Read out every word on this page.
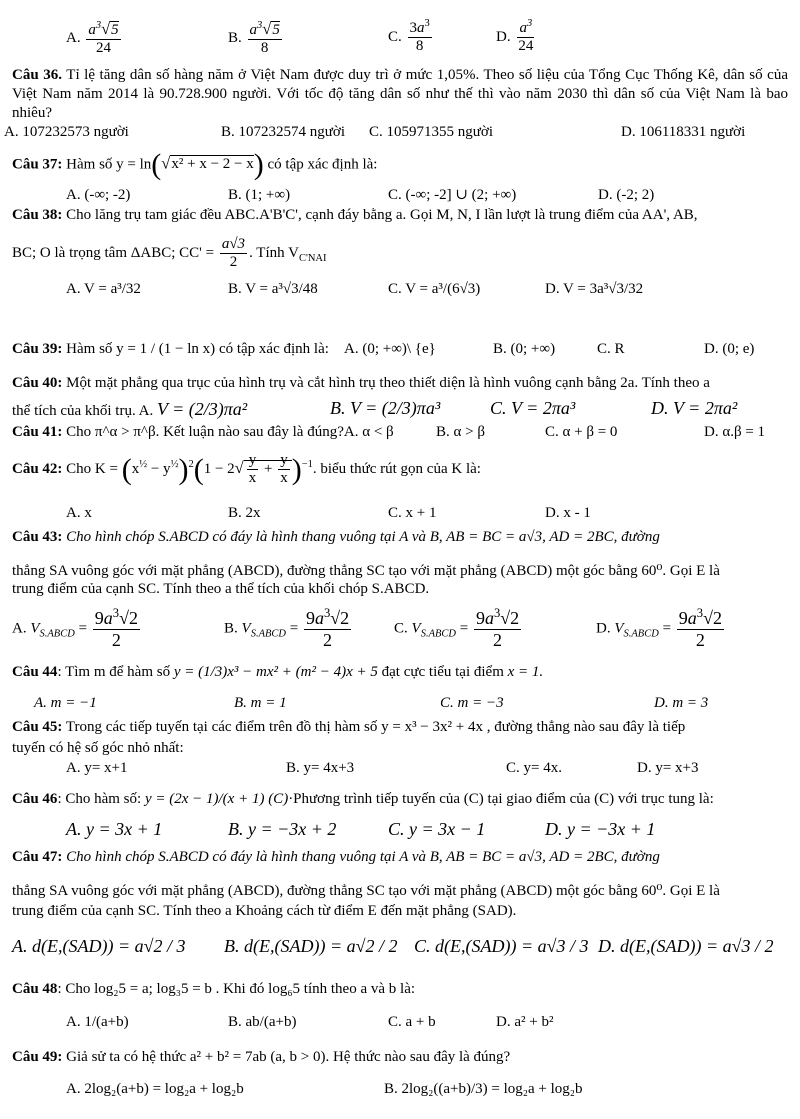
A. $\frac{a^3√5}{24}$	B. $\frac{a^3√5}{8}$	C. $\frac{3a^3}{8}$	D. $\frac{a^3}{24}$
Câu 36. Tỉ lệ tăng dân số hàng năm ở Việt Nam được duy trì ở mức 1,05%. Theo số liệu của Tổng Cục Thống Kê, dân số của Việt Nam năm 2014 là 90.728.900 người. Với tốc độ tăng dân số như thế thì vào năm 2030 thì dân số của Việt Nam là bao nhiêu?
A. 107232573 người	B. 107232574 người C. 105971355 người	D. 106118331 người
Câu 37: Hàm số y = ln(√x² + x − 2 − x) có tập xác định là:
A. (-∞; -2)	B. (1; +∞)	C. (-∞; -2] ∪ (2; +∞)	D. (-2; 2)
Câu 38: Cho lăng trụ tam giác đều ABC.A'B'C', cạnh đáy bằng a. Gọi M, N, I lần lượt là trung điểm của AA', AB,
BC; O là trọng tâm ΔABC; $CC' = \frac{a√3}{2}$ . Tính $V_{C'NAI}$
A. V = a³/32	B. V = a³√3/48	C. V = a³/(6√3)	D. V = 3a³√3/32
Câu 39: Hàm số y = 1 / (1 − ln x) có tập xác định là:	A. (0; +∞)\ {e}	B. (0; +∞)	C. R	D. (0; e)
Câu 40: Một mặt phẳng qua trục của hình trụ và cắt hình trụ theo thiết diện là hình vuông cạnh bằng 2a. Tính theo a
thể tích của khối trụ. A. V = (2/3)πa²	B. V = (2/3)πa³	C. V = 2πa³	D. V = 2πa²
Câu 41: Cho π^α > π^β. Kết luận nào sau đây là đúng?A. α < β	B. α > β	C. α + β = 0	D. α.β = 1
Câu 42: Cho $K = (x^{\frac{1}{2}} - y^{\frac{1}{2}})^2(1 - 2√ \frac{y}{x} + \frac{y}{x} )^{-1}$. biểu thức rút gọn của K là:
A. x	B. 2x	C. x + 1	D. x - 1
Câu 43: Cho hình chóp S.ABCD có đáy là hình thang vuông tại A và B, AB = BC = a√3, AD = 2BC, đường
thẳng SA vuông góc với mặt phẳng (ABCD), đường thẳng SC tạo với mặt phẳng (ABCD) một góc bằng 60⁰. Gọi E là
trung điểm của cạnh SC. Tính theo a thể tích của khối chóp S.ABCD.
A. $V_{S.ABCD} = \frac{9a^3√2}{2}$	B. $V_{S.ABCD} = \frac{9a^3√2}{2}$	C. $V_{S.ABCD} = \frac{9a^3√2}{2}$	D. $V_{S.ABCD} = \frac{9a^3√2}{2}$
Câu 44: Tìm m để hàm số y = (1/3)x³ − mx² + (m² − 4)x + 5 đạt cực tiểu tại điểm x = 1.
A. m = −1	B. m = 1	C. m = −3	D. m = 3
Câu 45: Trong các tiếp tuyến tại các điểm trên đồ thị hàm số y = x³ − 3x² + 4x , đường thẳng nào sau đây là tiếp
tuyến có hệ số góc nhỏ nhất:
A. y= x+1	B. y= 4x+3	C. y= 4x.	D. y= x+3
Câu 46: Cho hàm số: y = (2x − 1)/(x + 1) (C)·Phương trình tiếp tuyến của (C) tại giao điểm của (C) với trục tung là:
A. y = 3x + 1	B. y = −3x + 2	C. y = 3x − 1	D. y = −3x + 1
Câu 47: Cho hình chóp S.ABCD có đáy là hình thang vuông tại A và B, AB = BC = a√3, AD = 2BC, đường
thẳng SA vuông góc với mặt phẳng (ABCD), đường thẳng SC tạo với mặt phẳng (ABCD) một góc bằng 60⁰. Gọi E là
trung điểm của cạnh SC. Tính theo a Khoảng cách từ điểm E đến mặt phẳng (SAD).
A. d(E,(SAD)) = a√2 / 3 B. d(E,(SAD)) = a√2 / 2 C. d(E,(SAD)) = a√3 / 3 D. d(E,(SAD)) = a√3 / 2
Câu 48: Cho log₂5 = a; log₃5 = b . Khi đó log₆5 tính theo a và b là:
A. 1/(a+b)	B. ab/(a+b)	C. a + b	D. a² + b²
Câu 49: Giả sử ta có hệ thức a² + b² = 7ab (a, b > 0). Hệ thức nào sau đây là đúng?
A. 2log₂(a+b) = log₂a + log₂b	B. 2log₂((a+b)/3) = log₂a + log₂b
